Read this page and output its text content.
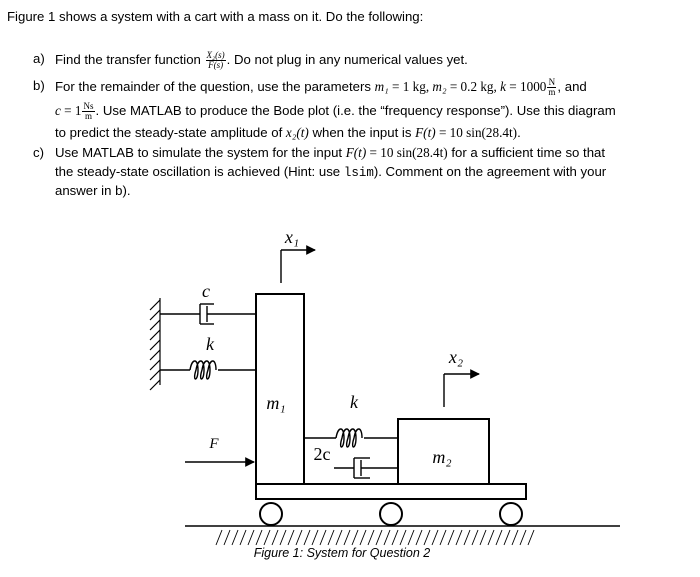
Figure 1 shows a system with a cart with a mass on it. Do the following:
a) Find the transfer function $\frac{\text{X₂(s)}}{F(s)}$ . Do not plug in any numerical values yet.
b) For the remainder of the question, use the parameters m₁ = 1 kg, m₂ = 0.2 kg, $k = 1000 \frac{N}{m}$ , and
$c = 1 \frac{Ns}{m}$ . Use MATLAB to produce the Bode plot (i.e. the “frequency response”). Use this diagram
to predict the steady-state amplitude of x₂(t) when the input is F(t) = 10 sin(28.4t).
c) Use MATLAB to simulate the system for the input F(t) = 10 sin(28.4t) for a sufficient time so that
the steady-state oscillation is achieved (Hint: use lsim). Comment on the agreement with your
answer in b).
c
k
F
x₁
m₁	k
2c	m₂
x₂
Figure 1: System for Question 2
